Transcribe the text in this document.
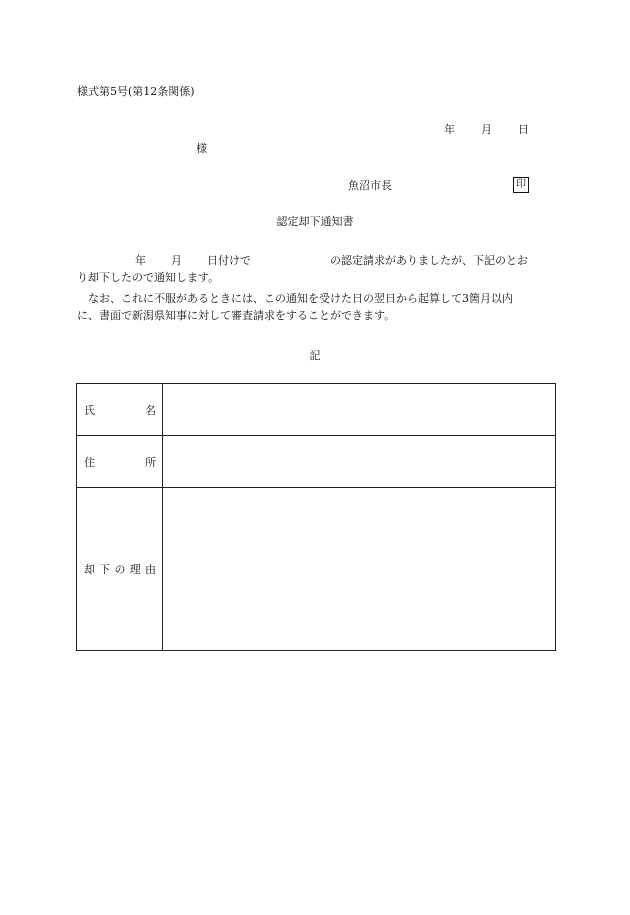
様式第5号(第12条関係)
年 月 日
様
魚沼市長	印
認定却下通知書
年 月 日付けで	の認定請求がありましたが、下記のとお
り却下したので通知します。
なお、これに不服があるときには、この通知を受けた日の翌日から起算して3箇月以内
に、書面で新潟県知事に対して審査請求をすることができます。
記
氏 名	

住 所	

却 下 の 理 由	
